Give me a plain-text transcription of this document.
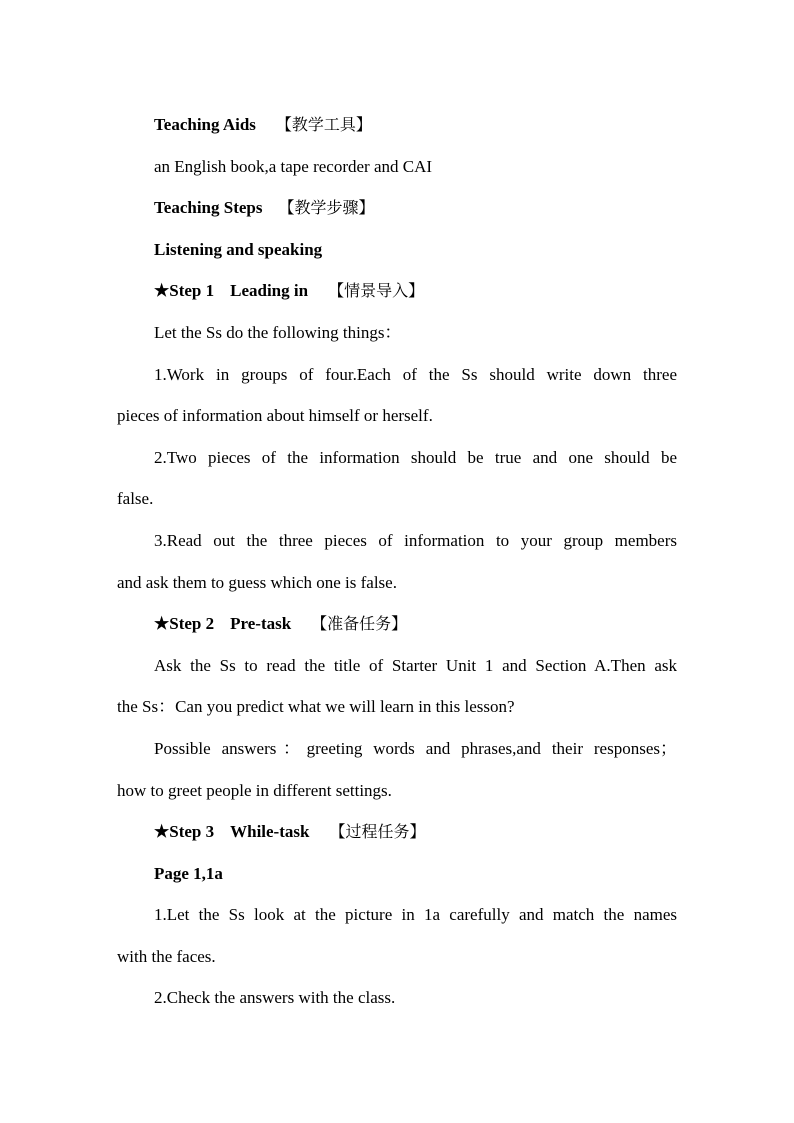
Teaching Aids 【教学工具】

an English book,a tape recorder and CAI

Teaching Steps 【教学步骤】

Listening and speaking

★Step 1 Leading in 【情景导入】

Let the Ss do the following things：

1.Work in groups of four.Each of the Ss should write down three

pieces of information about himself or herself.

2.Two pieces of the information should be true and one should be

false.

3.Read out the three pieces of information to your group members

and ask them to guess which one is false.

★Step 2 Pre-task 【准备任务】

Ask the Ss to read the title of Starter Unit 1 and Section A.Then ask

the Ss：Can you predict what we will learn in this lesson?

Possible answers：greeting words and phrases,and their responses；

how to greet people in different settings.

★Step 3 While-task 【过程任务】

Page 1,1a

1.Let the Ss look at the picture in 1a carefully and match the names

with the faces.

2.Check the answers with the class.
